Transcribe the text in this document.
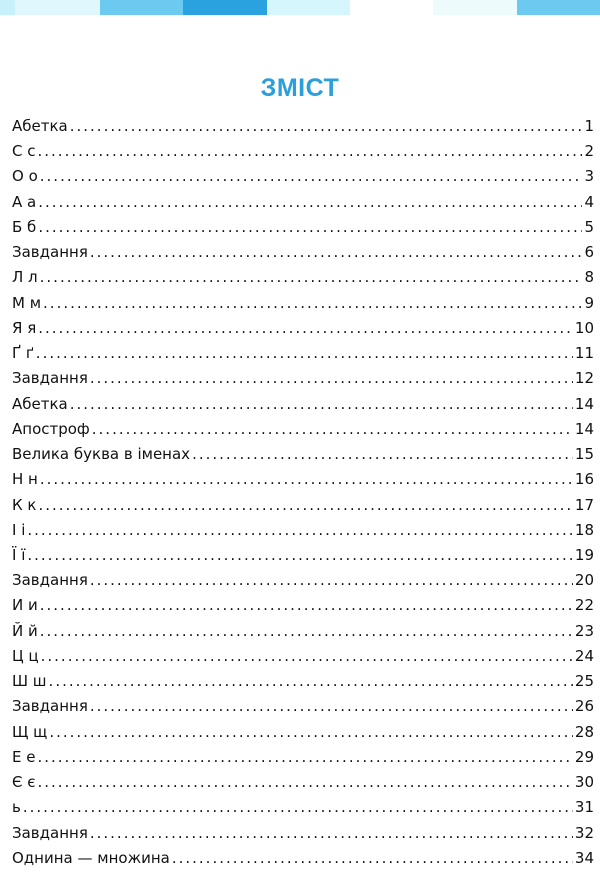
ЗМІСТ
Абетка .....	1
С с .....	2
О о .....	3
А а .....	4
Б б .....	5
Завдання .....	6
Л л .....	8
М м .....	9
Я я .....	10
Ґ ґ .....	11
Завдання .....	12
Абетка .....	14
Апостроф .....	14
Велика буква в іменах .....	15
Н н .....	16
К к .....	17
І і .....	18
Ї ї .....	19
Завдання .....	20
И и .....	22
Й й .....	23
Ц ц .....	24
Ш ш .....	25
Завдання .....	26
Щ щ .....	28
Е е .....	29
Є є .....	30
ь .....	31
Завдання .....	32
Однина — множина .....	34
